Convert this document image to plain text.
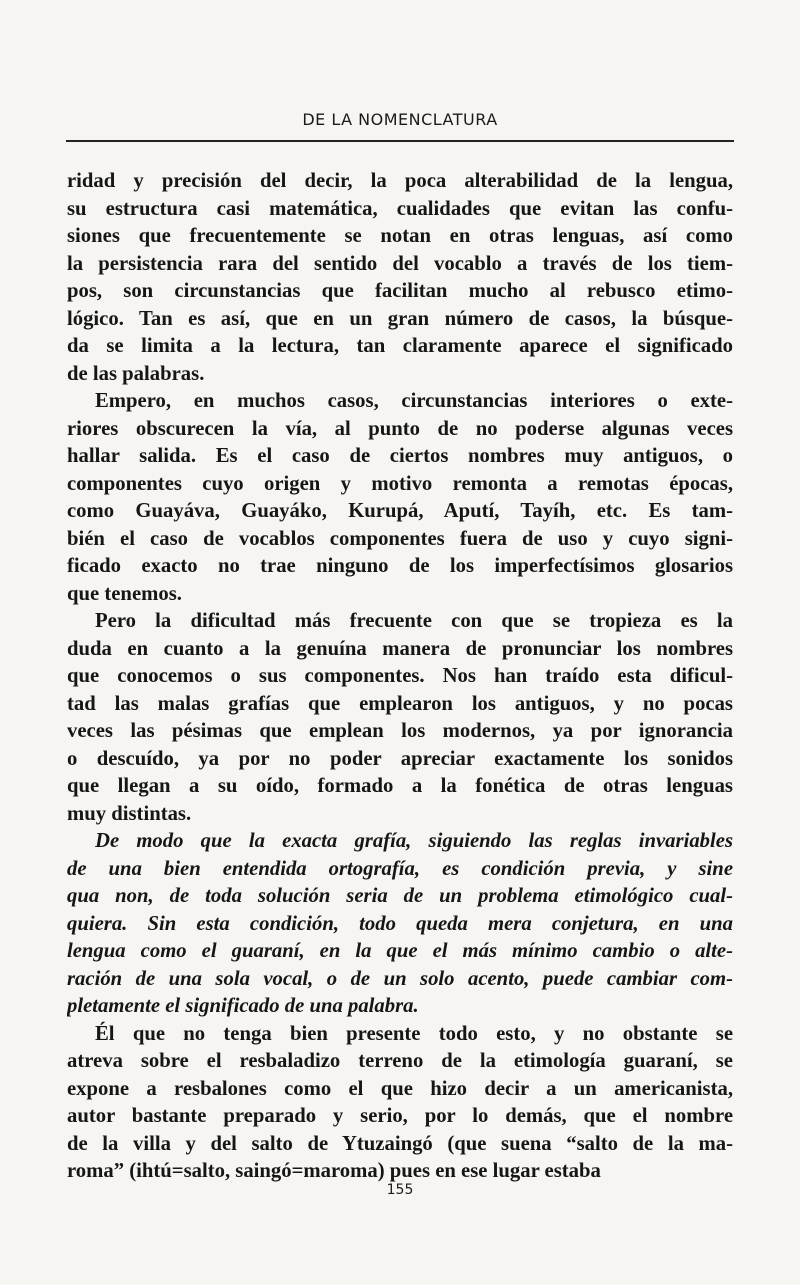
DE LA NOMENCLATURA
ridad y precisión del decir, la poca alterabilidad de la lengua,
su estructura casi matemática, cualidades que evitan las confu-
siones que frecuentemente se notan en otras lenguas, así como
la persistencia rara del sentido del vocablo a través de los tiem-
pos, son circunstancias que facilitan mucho al rebusco etimo-
lógico. Tan es así, que en un gran número de casos, la búsque-
da se limita a la lectura, tan claramente aparece el significado
de las palabras.
Empero, en muchos casos, circunstancias interiores o exte-
riores obscurecen la vía, al punto de no poderse algunas veces
hallar salida. Es el caso de ciertos nombres muy antiguos, o
componentes cuyo origen y motivo remonta a remotas épocas,
como Guayáva, Guayáko, Kurupá, Aputí, Tayíh, etc. Es tam-
bién el caso de vocablos componentes fuera de uso y cuyo signi-
ficado exacto no trae ninguno de los imperfectísimos glosarios
que tenemos.
Pero la dificultad más frecuente con que se tropieza es la
duda en cuanto a la genuína manera de pronunciar los nombres
que conocemos o sus componentes. Nos han traído esta dificul-
tad las malas grafías que emplearon los antiguos, y no pocas
veces las pésimas que emplean los modernos, ya por ignorancia
o descuído, ya por no poder apreciar exactamente los sonidos
que llegan a su oído, formado a la fonética de otras lenguas
muy distintas.
De modo que la exacta grafía, siguiendo las reglas invariables
de una bien entendida ortografía, es condición previa, y sine
qua non, de toda solución seria de un problema etimológico cual-
quiera. Sin esta condición, todo queda mera conjetura, en una
lengua como el guaraní, en la que el más mínimo cambio o alte-
ración de una sola vocal, o de un solo acento, puede cambiar com-
pletamente el significado de una palabra.
Él que no tenga bien presente todo esto, y no obstante se
atreva sobre el resbaladizo terreno de la etimología guaraní, se
expone a resbalones como el que hizo decir a un americanista,
autor bastante preparado y serio, por lo demás, que el nombre
de la villa y del salto de Ytuzaingó (que suena “salto de la ma-
roma” (ihtú=salto, saingó=maroma) pues en ese lugar estaba
155
